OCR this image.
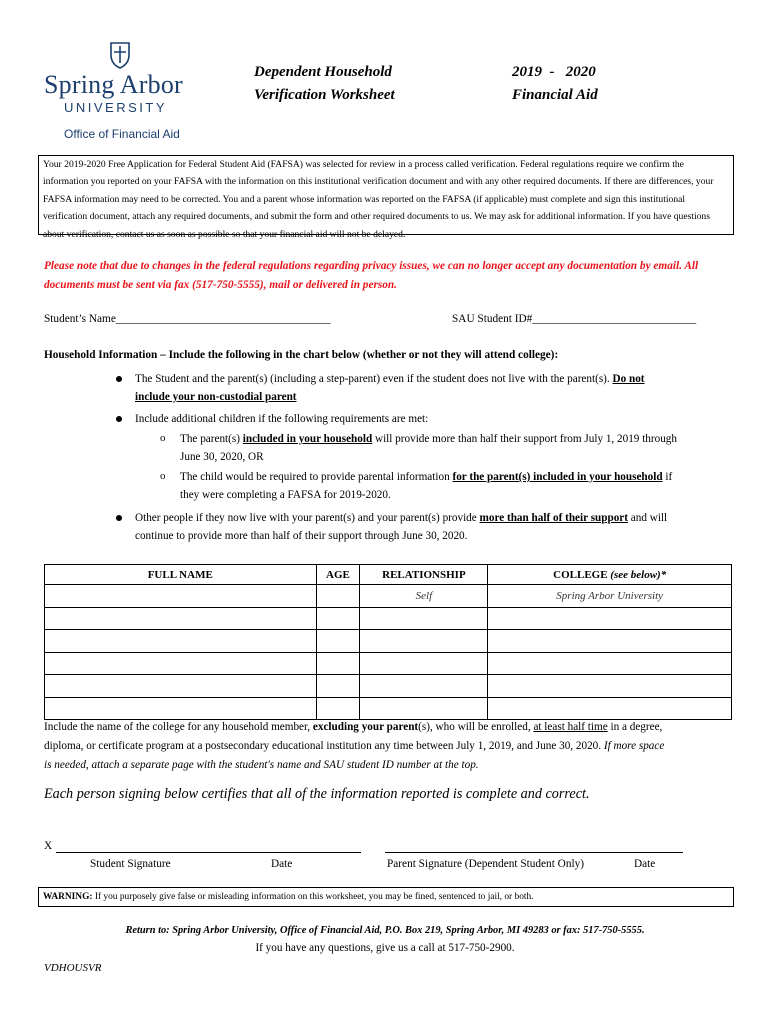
Spring Arbor
UNIVERSITY
Office of Financial Aid
Dependent Household
Verification Worksheet
2019  -   2020
Financial Aid
Your 2019-2020 Free Application for Federal Student Aid (FAFSA) was selected for review in a process called verification. Federal regulations require we confirm the information you reported on your FAFSA with the information on this institutional verification document and with any other required documents. If there are differences, your FAFSA information may need to be corrected. You and a parent whose information was reported on the FAFSA (if applicable) must complete and sign this institutional verification document, attach any required documents, and submit the form and other required documents to us. We may ask for additional information. If you have questions about verification, contact us as soon as possible so that your financial aid will not be delayed.
Please note that due to changes in the federal regulations regarding privacy issues, we can no longer accept any documentation by email. All documents must be sent via fax (517-750-5555), mail or delivered in person.
Student’s Name______________________________________	SAU Student ID#_____________________________
Household Information – Include the following in the chart below (whether or not they will attend college):
The Student and the parent(s) (including a step-parent) even if the student does not live with the parent(s). Do not
include your non-custodial parent
Include additional children if the following requirements are met:
o The parent(s) included in your household will provide more than half their support from July 1, 2019 through
June 30, 2020, OR
o The child would be required to provide parental information for the parent(s) included in your household if
they were completing a FAFSA for 2019-2020.
Other people if they now live with your parent(s) and your parent(s) provide more than half of their support and will
continue to provide more than half of their support through June 30, 2020.
FULL NAME	AGE	RELATIONSHIP	COLLEGE (see below)*
		Self	Spring Arbor University

Include the name of the college for any household member, excluding your parent(s), who will be enrolled, at least half time in a degree,
diploma, or certificate program at a postsecondary educational institution any time between July 1, 2019, and June 30, 2020. If more space
is needed, attach a separate page with the student's name and SAU student ID number at the top.
Each person signing below certifies that all of the information reported is complete and correct.
X
Student Signature	Date	Parent Signature (Dependent Student Only)	Date
WARNING: If you purposely give false or misleading information on this worksheet, you may be fined, sentenced to jail, or both.
Return to: Spring Arbor University, Office of Financial Aid, P.O. Box 219, Spring Arbor, MI 49283 or fax: 517-750-5555.
If you have any questions, give us a call at 517-750-2900.
VDHOUSVR
